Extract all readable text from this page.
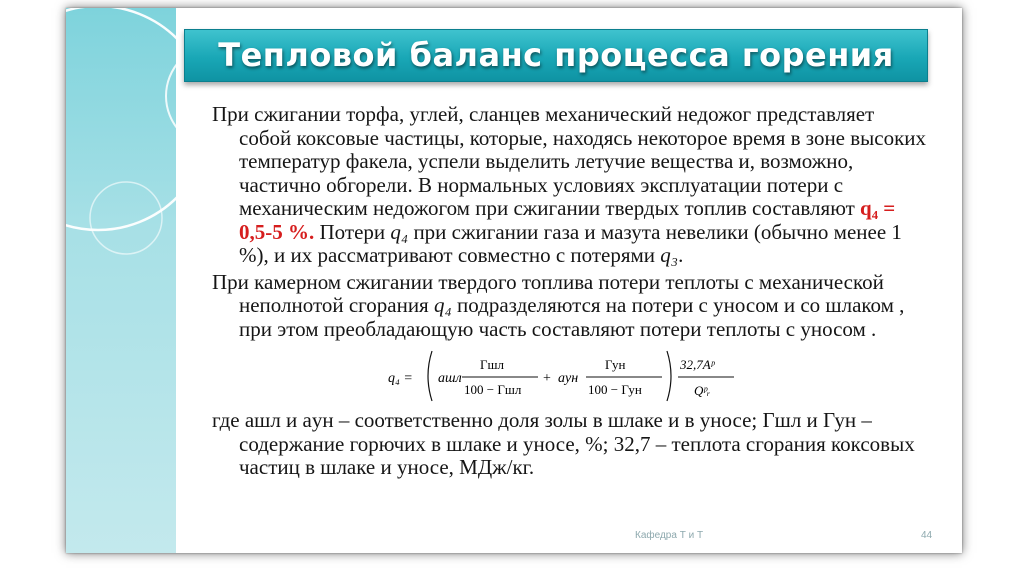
Тепловой баланс процесса горения

При сжигании торфа, углей, сланцев механический недожог представляет собой коксовые частицы, которые, находясь некоторое время в зоне высоких температур факела, успели выделить летучие вещества и, возможно, частично обгорели. В нормальных условиях эксплуатации потери с механическим недожогом при сжигании твердых топлив составляют q₄ = 0,5-5 %. Потери q₄ при сжигании газа и мазута невелики (обычно менее 1 %), и их рассматривают совместно с потерями q₃.

При камерном сжигании твердого топлива потери теплоты с механической неполнотой сгорания q₄ подразделяются на потери с уносом и со шлаком , при этом преобладающую часть составляют потери теплоты с уносом .

q₄ = aшл
Гшл
100 − Гшл
+ aун
Гун
100 − Гун
32,7Aᵖ
Qᵖᵣ

где aшл и aун – соответственно доля золы в шлаке и в уносе; Гшл и Гун – содержание горючих в шлаке и уносе, %; 32,7 – теплота сгорания коксовых частиц в шлаке и уносе, МДж/кг.

Кафедра Т и Т	44
